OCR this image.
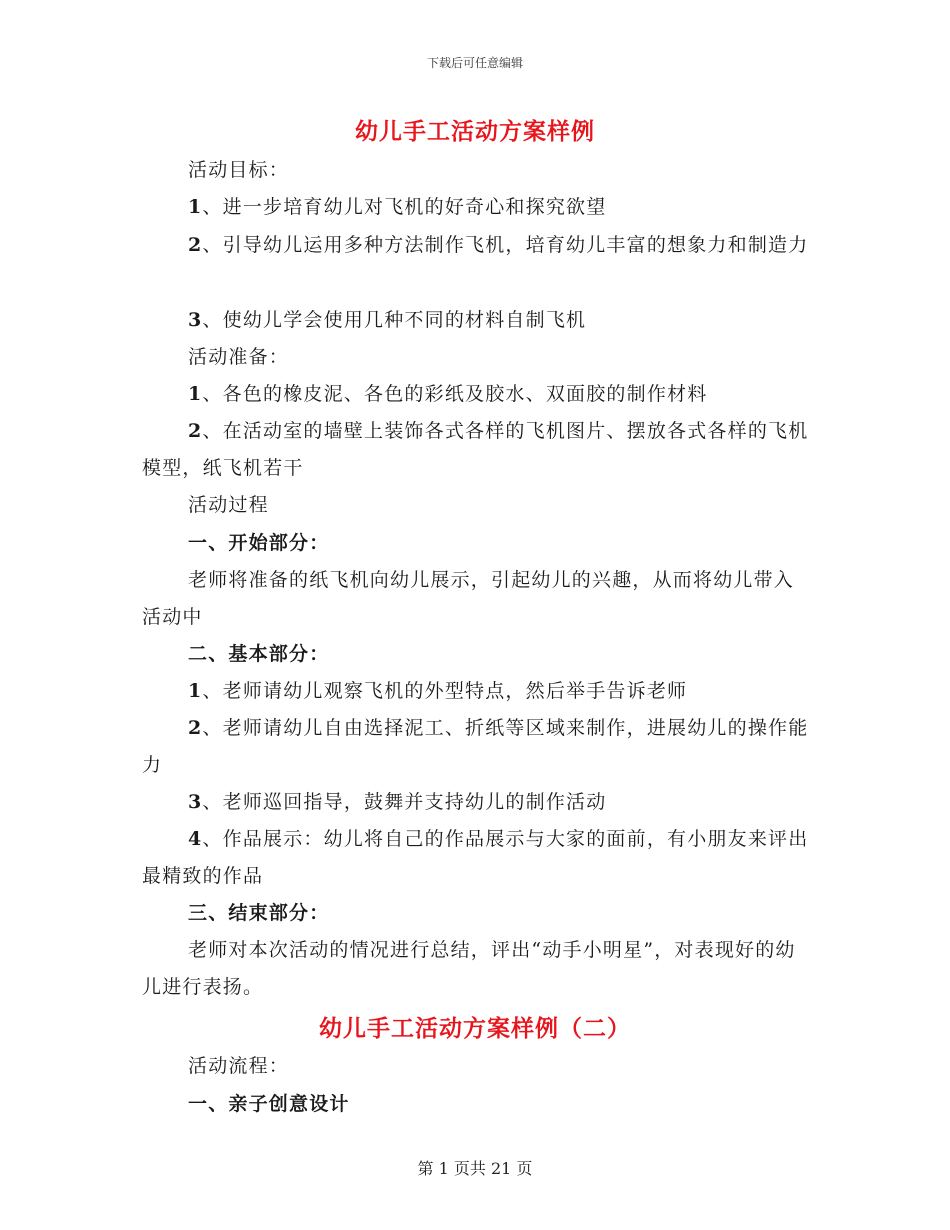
下载后可任意编辑
幼儿手工活动方案样例

活动目标：

1、进一步培育幼儿对飞机的好奇心和探究欲望

2、引导幼儿运用多种方法制作飞机，培育幼儿丰富的想象力和制造力

3、使幼儿学会使用几种不同的材料自制飞机

活动准备：

1、各色的橡皮泥、各色的彩纸及胶水、双面胶的制作材料

2、在活动室的墙壁上装饰各式各样的飞机图片、摆放各式各样的飞机模型，纸飞机若干

活动过程

一、开始部分：

老师将准备的纸飞机向幼儿展示，引起幼儿的兴趣，从而将幼儿带入活动中

二、基本部分：

1、老师请幼儿观察飞机的外型特点，然后举手告诉老师

2、老师请幼儿自由选择泥工、折纸等区域来制作，进展幼儿的操作能力

3、老师巡回指导，鼓舞并支持幼儿的制作活动

4、作品展示：幼儿将自己的作品展示与大家的面前，有小朋友来评出最精致的作品

三、结束部分：

老师对本次活动的情况进行总结，评出“动手小明星”，对表现好的幼儿进行表扬。

幼儿手工活动方案样例（二）

活动流程：

一、亲子创意设计

第 1 页共 21 页
